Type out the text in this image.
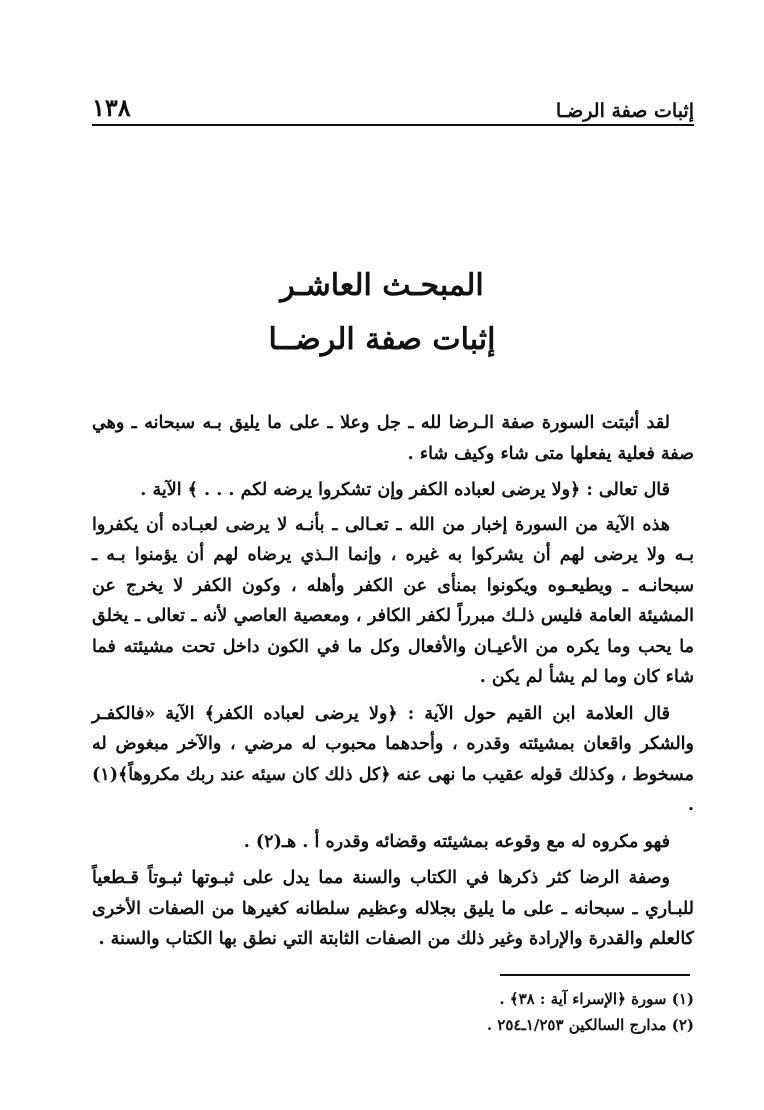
إثبات صفة الرضـا
١٣٨
المبحـث العاشـر
إثبات صفة الرضــا

لقد أثبتت السورة صفة الـرضا لله ـ جل وعلا ـ على ما يليق بـه سبحانه ـ وهي صفة فعلية يفعلها متى شاء وكيف شاء .

قال تعالى : ﴿ولا يرضى لعباده الكفر وإن تشكروا يرضه لكم . . . ﴾ الآية .

هذه الآية من السورة إخبار من الله ـ تعـالى ـ بأنـه لا يرضى لعبـاده أن يكفروا بـه ولا يرضى لهم أن يشركوا به غيره ، وإنما الـذي يرضاه لهم أن يؤمنوا بـه ـ سبحانـه ـ ويطيعـوه ويكونوا بمنأى عن الكفر وأهله ، وكون الكفر لا يخرج عن المشيئة العامة فليس ذلـك مبرراً لكفر الكافر ، ومعصية العاصي لأنه ـ تعالى ـ يخلق ما يحب وما يكره من الأعيـان والأفعال وكل ما في الكون داخل تحت مشيئته فما شاء كان وما لم يشأ لم يكن .

قال العلامة ابن القيم حول الآية : ﴿ولا يرضى لعباده الكفر﴾ الآية «فالكفـر والشكر واقعان بمشيئته وقدره ، وأحدهما محبوب له مرضي ، والآخر مبغوض له مسخوط ، وكذلك قوله عقيب ما نهى عنه ﴿كل ذلك كان سيئه عند ربك مكروهاً﴾(١) .

فهو مكروه له مع وقوعه بمشيئته وقضائه وقدره أ . هـ(٢) .

وصفة الرضا كثر ذكرها في الكتاب والسنة مما يدل على ثبـوتها ثبـوتاً قـطعياً للبـاري ـ سبحانه ـ على ما يليق بجلاله وعظيم سلطانه كغيرها من الصفات الأخرى كالعلم والقدرة والإرادة وغير ذلك من الصفات الثابتة التي نطق بها الكتاب والسنة .

(١) سورة ﴿الإسراء آية : ٣٨﴾ .
(٢) مدارج السالكين ١/٢٥٣ـ٢٥٤ .
